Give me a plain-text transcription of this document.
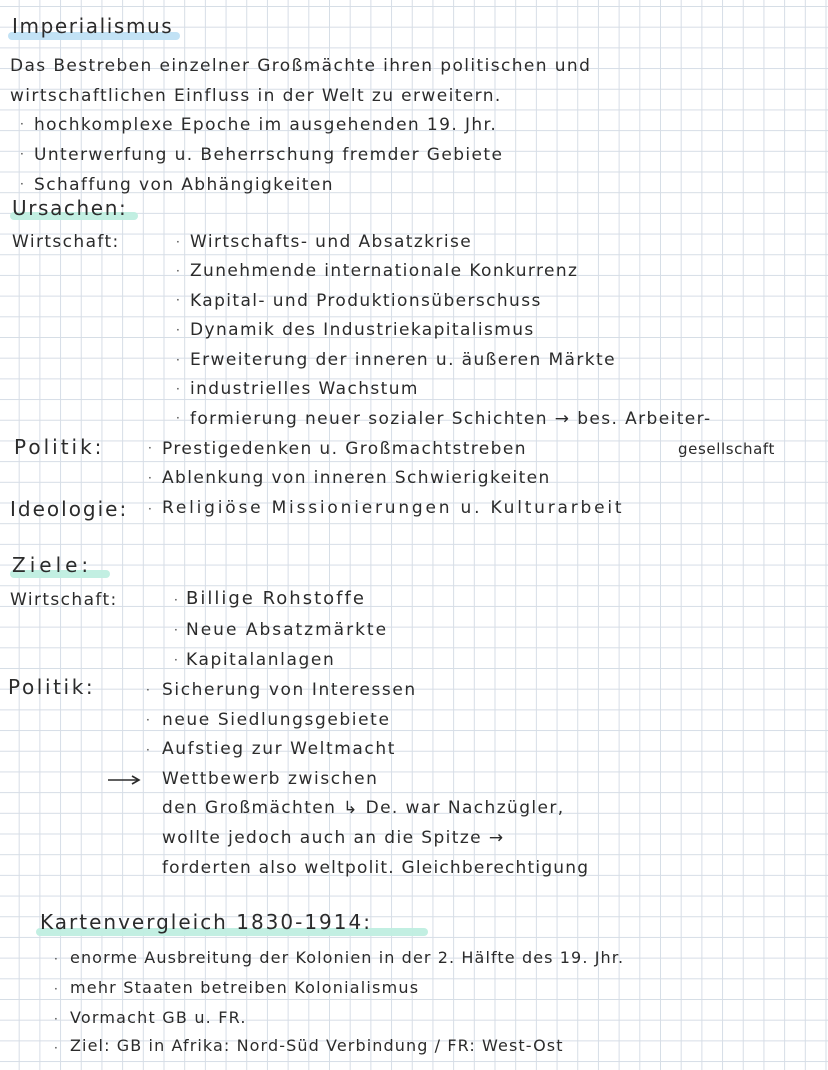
Imperialismus
Das Bestreben einzelner Großmächte ihren politischen und
wirtschaftlichen Einfluss in der Welt zu erweitern.
· hochkomplexe Epoche im ausgehenden 19. Jhr.
· Unterwerfung u. Beherrschung fremder Gebiete
· Schaffung von Abhängigkeiten
Ursachen:
Wirtschaft:	· Wirtschafts- und Absatzkrise
· Zunehmende internationale Konkurrenz
· Kapital- und Produktionsüberschuss
· Dynamik des Industriekapitalismus
· Erweiterung der inneren u. äußeren Märkte
· industrielles Wachstum
· formierung neuer sozialer Schichten → bes. Arbeiter-
gesellschaft
Politik:	· Prestigedenken u. Großmachtstreben
· Ablenkung von inneren Schwierigkeiten
Ideologie: · Religiöse Missionierungen u. Kulturarbeit
Ziele:
Wirtschaft:	· Billige Rohstoffe
· Neue Absatzmärkte
· Kapitalanlagen
Politik:	· Sicherung von Interessen
· neue Siedlungsgebiete
· Aufstieg zur Weltmacht
Wettbewerb zwischen
den Großmächten ↳ De. war Nachzügler,
wollte jedoch auch an die Spitze →
forderten also weltpolit. Gleichberechtigung
Kartenvergleich 1830-1914:
· enorme Ausbreitung der Kolonien in der 2. Hälfte des 19. Jhr.
· mehr Staaten betreiben Kolonialismus
· Vormacht GB u. FR.
· Ziel: GB in Afrika: Nord-Süd Verbindung / FR: West-Ost
